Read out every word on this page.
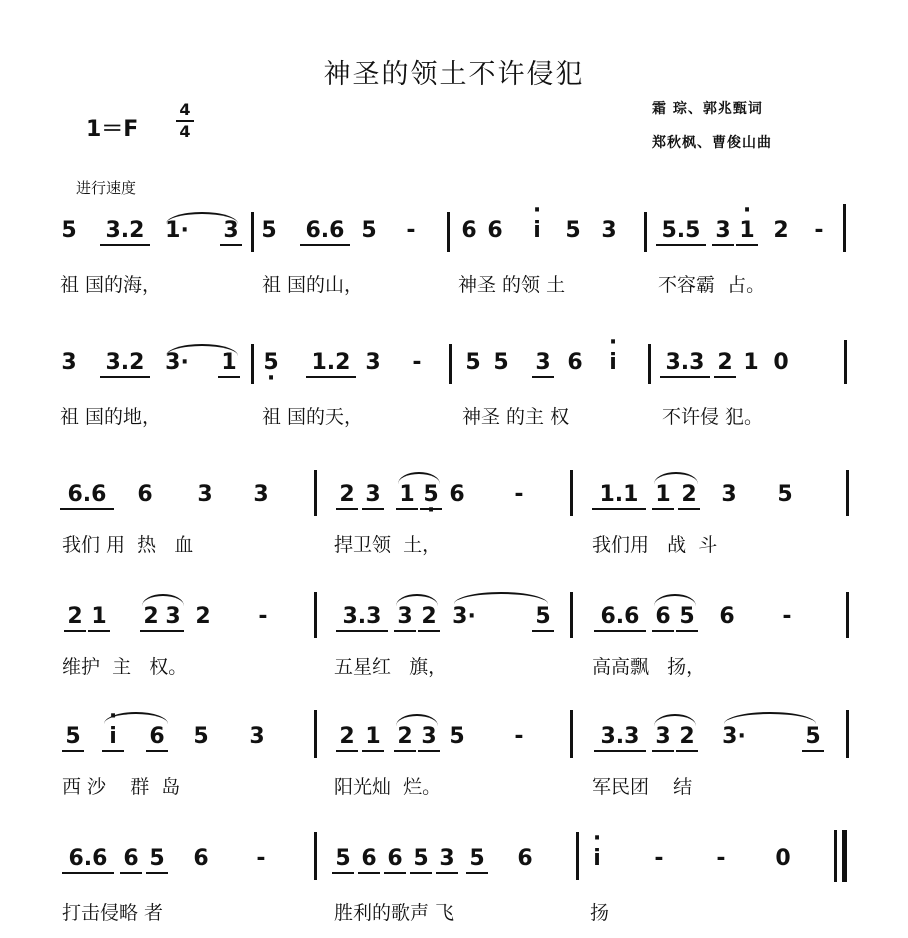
神圣的领土不许侵犯
1＝F
4
4
霜 琮、郭兆甄词
郑秋枫、曹俊山曲
进行速度
5 3.2 1· 3 5 6.6 5 - 6 6	· i	5 3 5.5 3 · 1 2 -

祖 国的海，

	祖 国的山，

	神圣 的领 土

	不容霸  占。

3 3.2 3· 1 5 · 1.2 3 - 5 5 3 6	· i	3.3 2 1 0

祖 国的地，

	祖 国的天，

	神圣 的主 权

	不许侵 犯。

6.6	6 3 3	2 3 1 5 · 6 -	1.1 1 2 3 5

我们 用  热   血

	捍卫领  土，

	我们用   战  斗

2 1 2 3 2 -	3.3 3 2 3·	5 6.6 6 5 6 -

维护  主   权。

	五星红   旗，

	高高飘   扬，

5	· i	6 5 3	2 1 2 3 5 -	3.3 3 2 3·	5

西 沙    群  岛

	阳光灿  烂。

	军民团    结

6.6 6 5 6 -	5 6 6 5 3 5 6	· i	- - 0

打击侵略 者

	胜利的歌声 飞

	扬
